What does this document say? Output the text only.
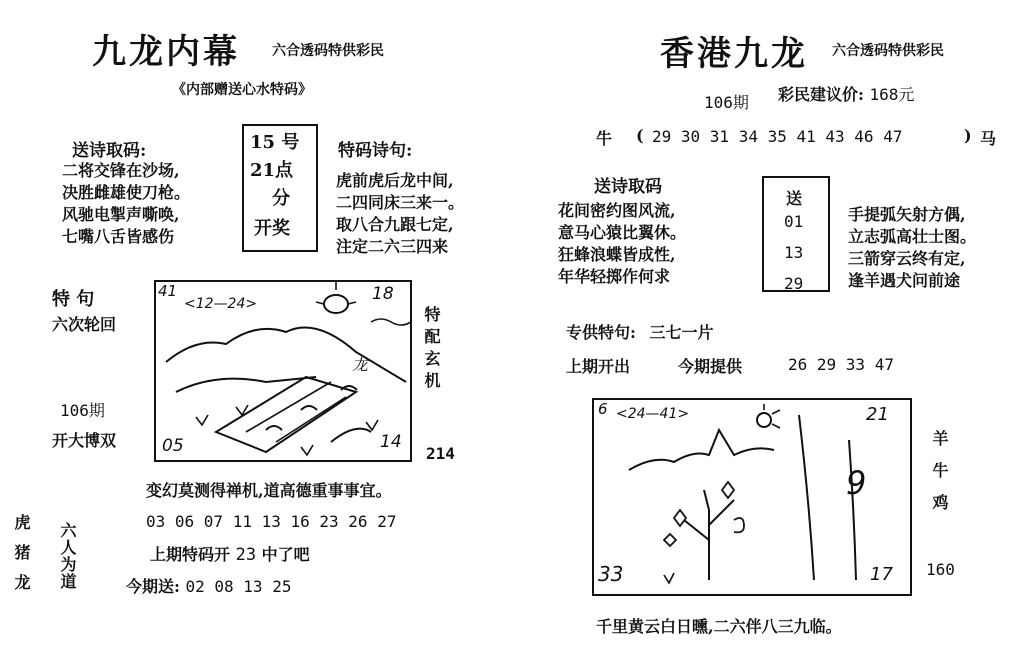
九龙内幕 六合透码特供彩民
《内部赠送心水特码》
送诗取码:
二将交锋在沙场,
决胜雌雄使刀枪。
风驰电掣声嘶唤,
七嘴八舌皆感伤
15 号
21点
分
开奖
特码诗句:
虎前虎后龙中间,
二四同床三来一。
取八合九跟七定,
注定二六三四来
特 句
六次轮回
106期
开大博双
41
<12—24>	18
龙
05	14
特配玄机
214
变幻莫测得禅机,道高德重事事宜。
03 06 07 11 13 16 23 26 27
上期特码开 23 中了吧
今期送: 02 08 13 25
虎猪龙 六人为道
香港九龙 六合透码特供彩民
106期 彩民建议价: 168元
牛 ( 29 30 31 34 35 41 43 46 47	) 马
送诗取码
花间密约图风流,
意马心猿比翼休。
狂蜂浪蝶皆成性,
年华轻掷作何求
送
01
13
29
手提弧矢射方偶,
立志弧高壮士图。
三箭穿云终有定,
逢羊遇犬问前途
专供特句: 三七一片
上期开出	今期提供	26 29 33 47
6 <24—41>	21
9
33	17
羊牛鸡
160
千里黄云白日曛,二六伴八三九临。
